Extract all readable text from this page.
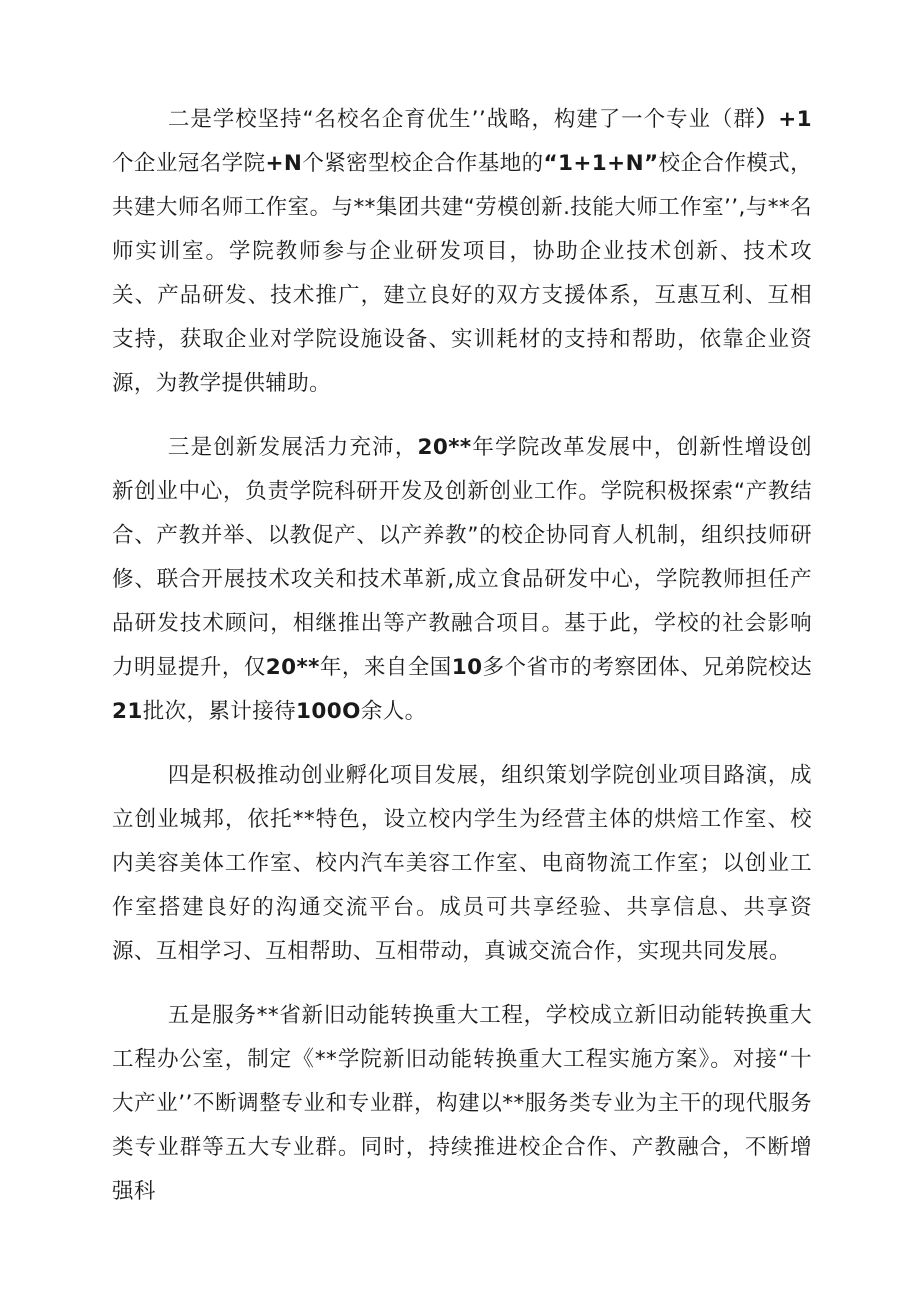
二是学校坚持“名校名企育优生’’战略，构建了一个专业（群）+1个企业冠名学院+N个紧密型校企合作基地的“1+1+N”校企合作模式，共建大师名师工作室。与**集团共建“劳模创新.技能大师工作室’’,与**名师实训室。学院教师参与企业研发项目，协助企业技术创新、技术攻关、产品研发、技术推广，建立良好的双方支援体系，互惠互利、互相支持，获取企业对学院设施设备、实训耗材的支持和帮助，依靠企业资源，为教学提供辅助。

三是创新发展活力充沛，20**年学院改革发展中，创新性增设创新创业中心，负责学院科研开发及创新创业工作。学院积极探索“产教结合、产教并举、以教促产、以产养教”的校企协同育人机制，组织技师研修、联合开展技术攻关和技术革新,成立食品研发中心，学院教师担任产品研发技术顾问，相继推出等产教融合项目。基于此，学校的社会影响力明显提升，仅20**年，来自全国10多个省市的考察团体、兄弟院校达21批次，累计接待100O余人。

四是积极推动创业孵化项目发展，组织策划学院创业项目路演，成立创业城邦，依托**特色，设立校内学生为经营主体的烘焙工作室、校内美容美体工作室、校内汽车美容工作室、电商物流工作室；以创业工作室搭建良好的沟通交流平台。成员可共享经验、共享信息、共享资源、互相学习、互相帮助、互相带动，真诚交流合作，实现共同发展。

五是服务**省新旧动能转换重大工程，学校成立新旧动能转换重大工程办公室，制定《**学院新旧动能转换重大工程实施方案》。对接“十大产业’’不断调整专业和专业群，构建以**服务类专业为主干的现代服务类专业群等五大专业群。同时，持续推进校企合作、产教融合，不断增强科
